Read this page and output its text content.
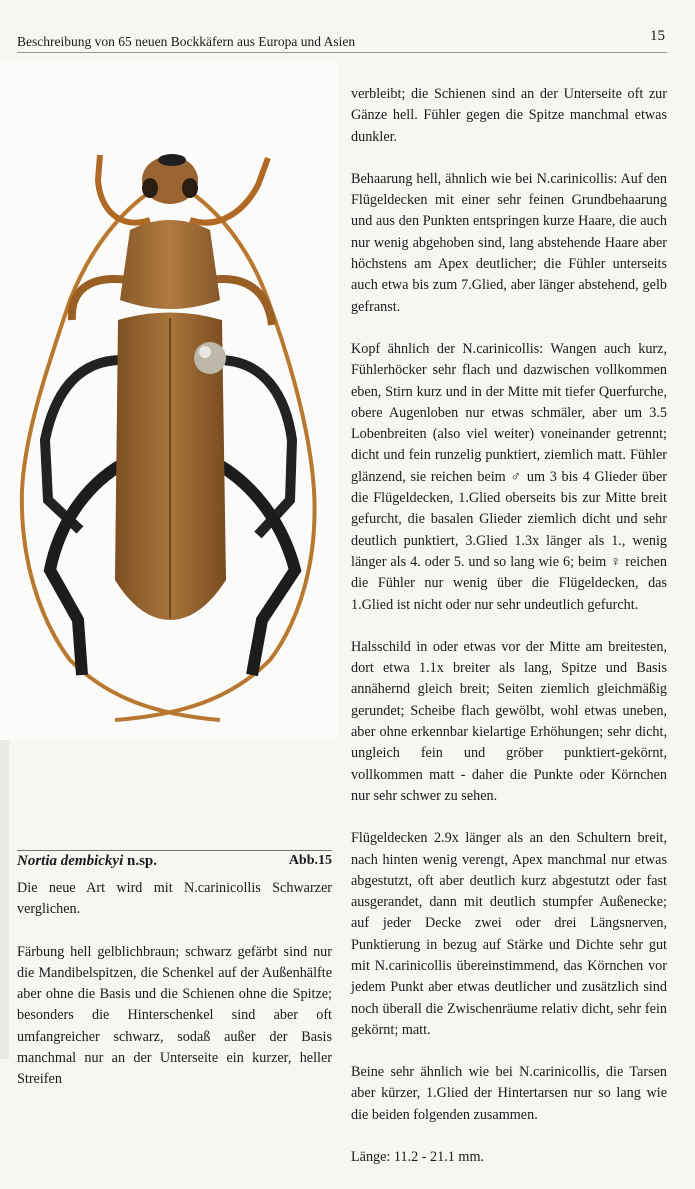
Beschreibung von 65 neuen Bockkäfern aus Europa und Asien	15
Nortia dembickyi n.sp.	Abb.15

Die neue Art wird mit N.carinicollis Schwarzer verglichen.

Färbung hell gelblichbraun; schwarz gefärbt sind nur die Mandibelspitzen, die Schenkel auf der Außenhälfte aber ohne die Basis und die Schienen ohne die Spitze; besonders die Hinterschenkel sind aber oft umfangreicher schwarz, sodaß außer der Basis manchmal nur an der Unterseite ein kurzer, heller Streifen

verbleibt; die Schienen sind an der Unterseite oft zur Gänze hell. Fühler gegen die Spitze manchmal etwas dunkler.

Behaarung hell, ähnlich wie bei N.carinicollis: Auf den Flügeldecken mit einer sehr feinen Grundbehaarung und aus den Punkten entspringen kurze Haare, die auch nur wenig abgehoben sind, lang abstehende Haare aber höchstens am Apex deutlicher; die Fühler unterseits auch etwa bis zum 7.Glied, aber länger abstehend, gelb gefranst.

Kopf ähnlich der N.carinicollis: Wangen auch kurz, Fühlerhöcker sehr flach und dazwischen vollkommen eben, Stirn kurz und in der Mitte mit tiefer Querfurche, obere Augenloben nur etwas schmäler, aber um 3.5 Lobenbreiten (also viel weiter) voneinander getrennt; dicht und fein runzelig punktiert, ziemlich matt. Fühler glänzend, sie reichen beim ♂ um 3 bis 4 Glieder über die Flügeldecken, 1.Glied oberseits bis zur Mitte breit gefurcht, die basalen Glieder ziemlich dicht und sehr deutlich punktiert, 3.Glied 1.3x länger als 1., wenig länger als 4. oder 5. und so lang wie 6; beim ♀ reichen die Fühler nur wenig über die Flügeldecken, das 1.Glied ist nicht oder nur sehr undeutlich gefurcht.

Halsschild in oder etwas vor der Mitte am breitesten, dort etwa 1.1x breiter als lang, Spitze und Basis annähernd gleich breit; Seiten ziemlich gleichmäßig gerundet; Scheibe flach gewölbt, wohl etwas uneben, aber ohne erkennbar kielartige Erhöhungen; sehr dicht, ungleich fein und gröber punktiert-gekörnt, vollkommen matt - daher die Punkte oder Körnchen nur sehr schwer zu sehen.

Flügeldecken 2.9x länger als an den Schultern breit, nach hinten wenig verengt, Apex manchmal nur etwas abgestutzt, oft aber deutlich kurz abgestutzt oder fast ausgerandet, dann mit deutlich stumpfer Außenecke; auf jeder Decke zwei oder drei Längsnerven, Punktierung in bezug auf Stärke und Dichte sehr gut mit N.carinicollis übereinstimmend, das Körnchen vor jedem Punkt aber etwas deutlicher und zusätzlich sind noch überall die Zwischenräume relativ dicht, sehr fein gekörnt; matt.

Beine sehr ähnlich wie bei N.carinicollis, die Tarsen aber kürzer, 1.Glied der Hintertarsen nur so lang wie die beiden folgenden zusammen.

Länge: 11.2 - 21.1 mm.
